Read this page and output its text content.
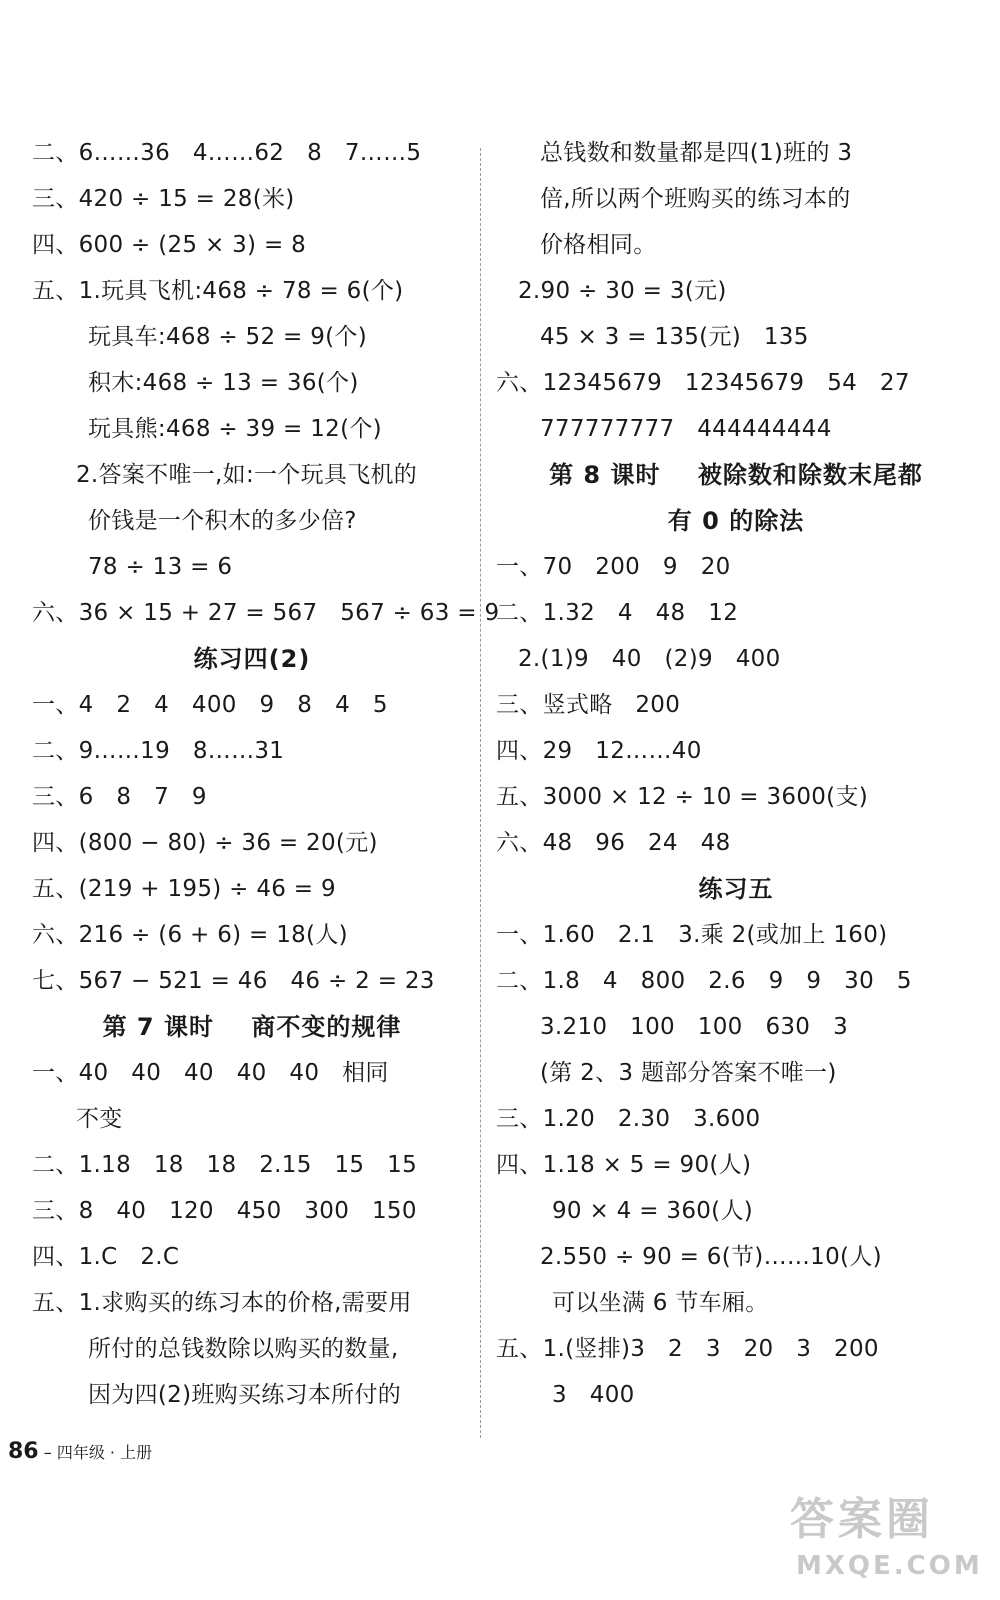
二、6……36   4……62   8   7……5
三、420 ÷ 15 = 28(米)
四、600 ÷ (25 × 3) = 8
五、1.玩具飞机:468 ÷ 78 = 6(个)
玩具车:468 ÷ 52 = 9(个)
积木:468 ÷ 13 = 36(个)
玩具熊:468 ÷ 39 = 12(个)
2.答案不唯一,如:一个玩具飞机的
价钱是一个积木的多少倍?
78 ÷ 13 = 6
六、36 × 15 + 27 = 567   567 ÷ 63 = 9
练习四(2)
一、4   2   4   400   9   8   4   5
二、9……19   8……31
三、6   8   7   9
四、(800 − 80) ÷ 36 = 20(元)
五、(219 + 195) ÷ 46 = 9
六、216 ÷ (6 + 6) = 18(人)
七、567 − 521 = 46   46 ÷ 2 = 23
第 7 课时    商不变的规律
一、40   40   40   40   40   相同
不变
二、1.18   18   18   2.15   15   15
三、8   40   120   450   300   150
四、1.C   2.C
五、1.求购买的练习本的价格,需要用
所付的总钱数除以购买的数量,
因为四(2)班购买练习本所付的
总钱数和数量都是四(1)班的 3
倍,所以两个班购买的练习本的
价格相同。
2.90 ÷ 30 = 3(元)
45 × 3 = 135(元)   135
六、12345679   12345679   54   27
777777777   444444444
第 8 课时    被除数和除数末尾都
有 0 的除法
一、70   200   9   20
二、1.32   4   48   12
2.(1)9   40   (2)9   400
三、竖式略   200
四、29   12……40
五、3000 × 12 ÷ 10 = 3600(支)
六、48   96   24   48
练习五
一、1.60   2.1   3.乘 2(或加上 160)
二、1.8   4   800   2.6   9   9   30   5
3.210   100   100   630   3
(第 2、3 题部分答案不唯一)
三、1.20   2.30   3.600
四、1.18 × 5 = 90(人)
90 × 4 = 360(人)
2.550 ÷ 90 = 6(节)……10(人)
可以坐满 6 节车厢。
五、1.(竖排)3   2   3   20   3   200
3   400
86 – 四年级 · 上册
答案圈
MXQE.COM
